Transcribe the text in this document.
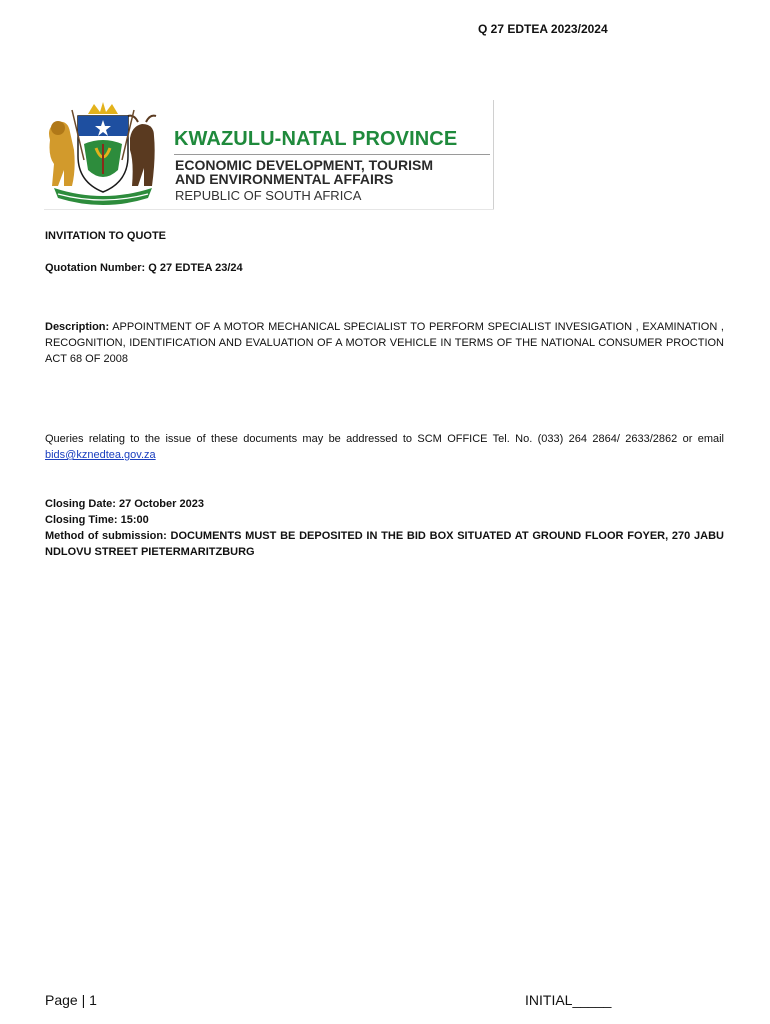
Q 27 EDTEA 2023/2024
KWAZULU-NATAL PROVINCE
ECONOMIC DEVELOPMENT, TOURISM
AND ENVIRONMENTAL AFFAIRS
REPUBLIC OF SOUTH AFRICA
INVITATION TO QUOTE
Quotation Number: Q 27 EDTEA 23/24
Description: APPOINTMENT OF A MOTOR MECHANICAL SPECIALIST TO PERFORM SPECIALIST INVESIGATION , EXAMINATION , RECOGNITION, IDENTIFICATION AND EVALUATION OF A MOTOR VEHICLE IN TERMS OF THE NATIONAL CONSUMER PROCTION ACT 68 OF 2008
Queries relating to the issue of these documents may be addressed to SCM OFFICE Tel. No. (033) 264 2864/ 2633/2862 or email bids@kznedtea.gov.za
Closing Date: 27 October 2023
Closing Time: 15:00
Method of submission: DOCUMENTS MUST BE DEPOSITED IN THE BID BOX SITUATED AT GROUND FLOOR FOYER, 270 JABU NDLOVU STREET PIETERMARITZBURG
Page | 1	INITIAL_____
